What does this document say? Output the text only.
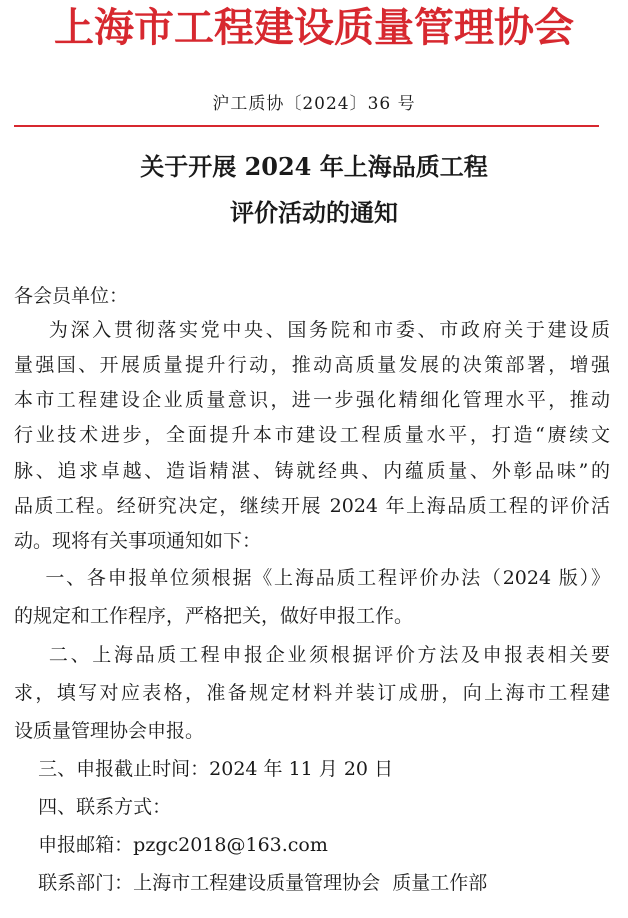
上海市工程建设质量管理协会
沪工质协〔2024〕36 号
关于开展 2024 年上海品质工程
评价活动的通知
各会员单位：
为深入贯彻落实党中央、国务院和市委、市政府关于建设质
量强国、开展质量提升行动，推动高质量发展的决策部署，增强
本市工程建设企业质量意识，进一步强化精细化管理水平，推动
行业技术进步，全面提升本市建设工程质量水平，打造“赓续文
脉、追求卓越、造诣精湛、铸就经典、内蕴质量、外彰品味”的
品质工程。经研究决定，继续开展 2024 年上海品质工程的评价活
动。现将有关事项通知如下：
一、各申报单位须根据《上海品质工程评价办法（2024 版）》
的规定和工作程序，严格把关，做好申报工作。
二、上海品质工程申报企业须根据评价方法及申报表相关要
求，填写对应表格，准备规定材料并装订成册，向上海市工程建
设质量管理协会申报。
三、申报截止时间：2024 年 11 月 20 日
四、联系方式：
申报邮箱：pzgc2018@163.com
联系部门：上海市工程建设质量管理协会  质量工作部
